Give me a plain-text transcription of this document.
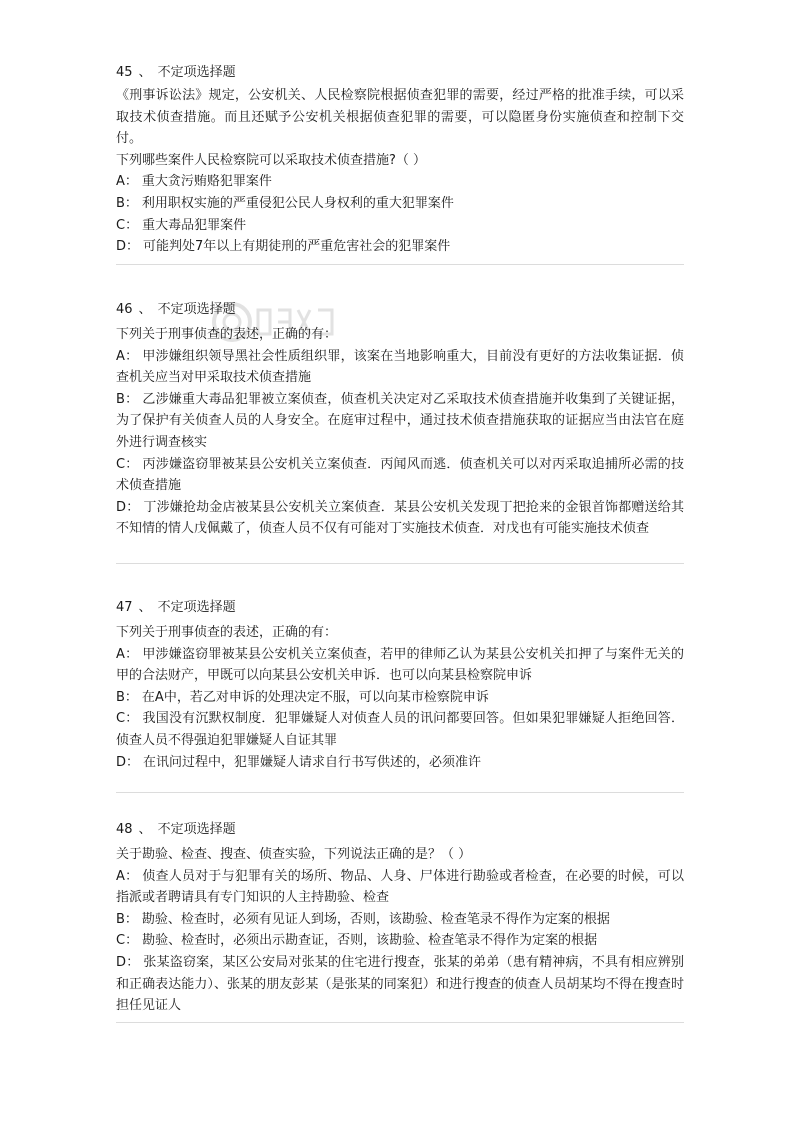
45 、 不定项选择题

《刑事诉讼法》规定，公安机关、人民检察院根据侦查犯罪的需要，经过严格的批准手续，可以采取技术侦查措施。而且还赋予公安机关根据侦查犯罪的需要，可以隐匿身份实施侦查和控制下交付。

下列哪些案件人民检察院可以采取技术侦查措施?（ ）

A： 重大贪污贿赂犯罪案件

B： 利用职权实施的严重侵犯公民人身权利的重大犯罪案件

C： 重大毒品犯罪案件

D： 可能判处7年以上有期徒刑的严重危害社会的犯罪案件

46 、 不定项选择题

下列关于刑事侦查的表述，正确的有：

A： 甲涉嫌组织领导黑社会性质组织罪，该案在当地影响重大，目前没有更好的方法收集证据．侦查机关应当对甲采取技术侦查措施

B： 乙涉嫌重大毒品犯罪被立案侦查，侦查机关决定对乙采取技术侦查措施并收集到了关键证据，为了保护有关侦查人员的人身安全。在庭审过程中，通过技术侦查措施获取的证据应当由法官在庭外进行调查核实

C： 丙涉嫌盗窃罪被某县公安机关立案侦查．丙闻风而逃．侦查机关可以对丙采取追捕所必需的技术侦查措施

D： 丁涉嫌抢劫金店被某县公安机关立案侦查．某县公安机关发现丁把抢来的金银首饰都赠送给其不知情的情人戊佩戴了，侦查人员不仅有可能对丁实施技术侦查．对戊也有可能实施技术侦查

47 、 不定项选择题

下列关于刑事侦查的表述，正确的有：

A： 甲涉嫌盗窃罪被某县公安机关立案侦查，若甲的律师乙认为某县公安机关扣押了与案件无关的甲的合法财产，甲既可以向某县公安机关申诉．也可以向某县检察院申诉

B： 在A中，若乙对申诉的处理决定不服，可以向某市检察院申诉

C： 我国没有沉默权制度．犯罪嫌疑人对侦查人员的讯问都要回答。但如果犯罪嫌疑人拒绝回答．侦查人员不得强迫犯罪嫌疑人自证其罪

D： 在讯问过程中，犯罪嫌疑人请求自行书写供述的，必须准许

48 、 不定项选择题

关于勘验、检查、搜查、侦查实验，下列说法正确的是？（ ）

A： 侦查人员对于与犯罪有关的场所、物品、人身、尸体进行勘验或者检查，在必要的时候，可以指派或者聘请具有专门知识的人主持勘验、检查

B： 勘验、检查时，必须有见证人到场，否则，该勘验、检查笔录不得作为定案的根据

C： 勘验、检查时，必须出示勘查证，否则，该勘验、检查笔录不得作为定案的根据

D： 张某盗窃案，某区公安局对张某的住宅进行搜查，张某的弟弟（患有精神病，不具有相应辨别和正确表达能力）、张某的朋友彭某（是张某的同案犯）和进行搜查的侦查人员胡某均不得在搜查时担任见证人
